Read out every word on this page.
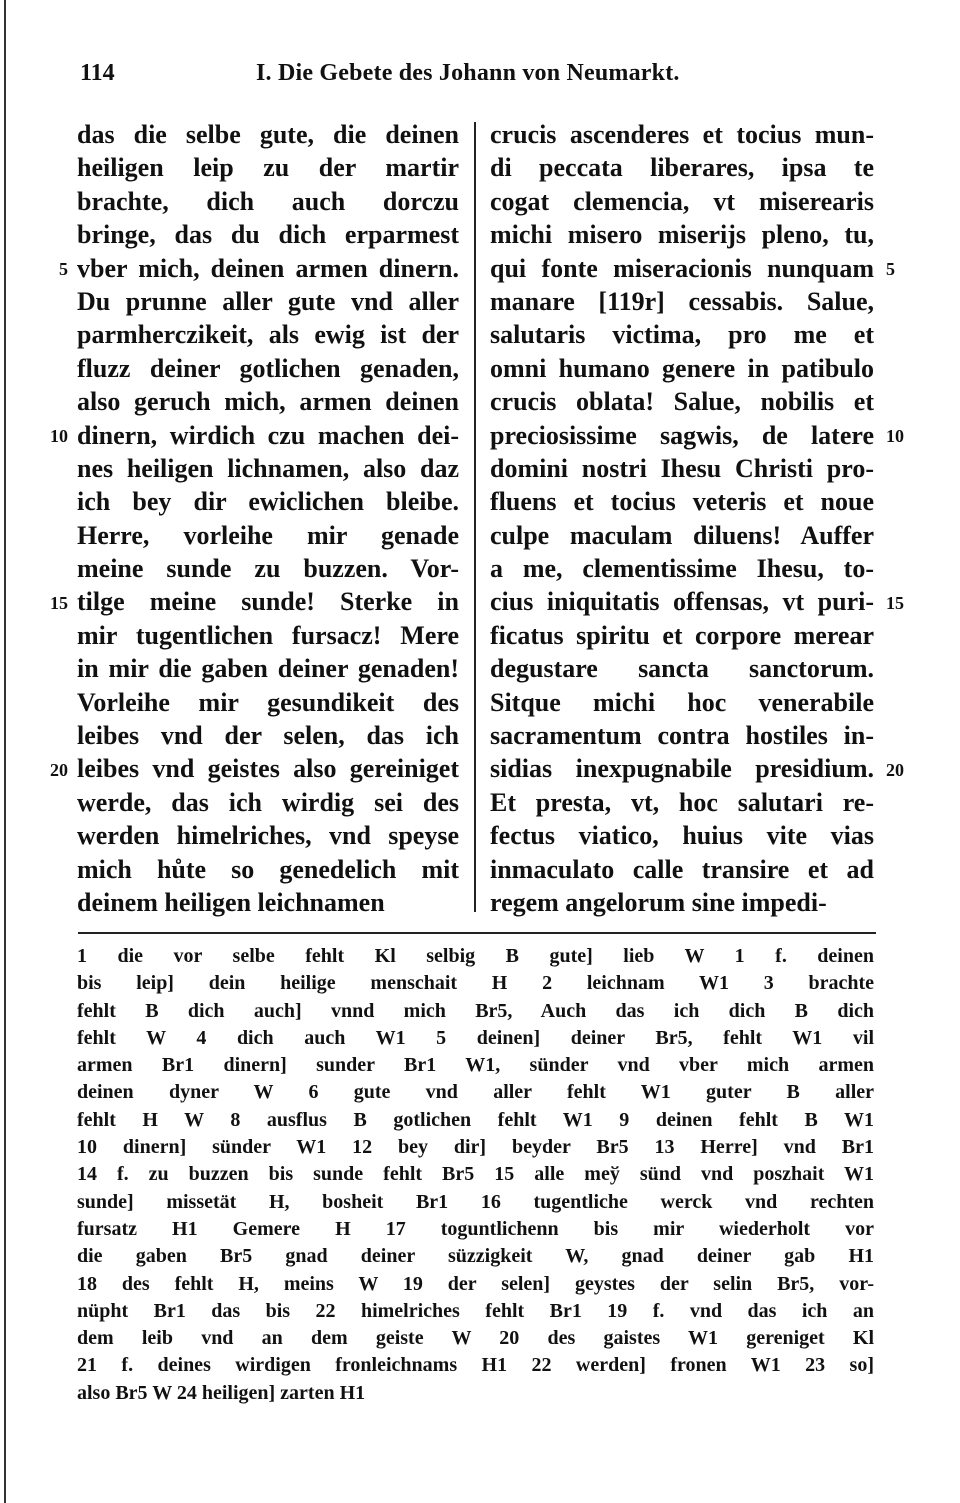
114	I. Die Gebete des Johann von Neumarkt.
das die selbe gute, die deinen
heiligen leip zu der martir
brachte, dich auch dorczu
bringe, das du dich erparmest
vber mich, deinen armen dinern.
Du prunne aller gute vnd aller
parmherczikeit, als ewig ist der
fluzz deiner gotlichen genaden,
also geruch mich, armen deinen
dinern, wirdich czu machen dei-
nes heiligen lichnamen, also daz
ich bey dir ewiclichen bleibe.
Herre, vorleihe mir genade
meine sunde zu buzzen. Vor-
tilge meine sunde! Sterke in
mir tugentlichen fursacz! Mere
in mir die gaben deiner genaden!
Vorleihe mir gesundikeit des
leibes vnd der selen, das ich
leibes vnd geistes also gereiniget
werde, das ich wirdig sei des
werden himelriches, vnd speyse
mich hůte so genedelich mit
deinem heiligen leichnamen
crucis ascenderes et tocius mun-
di peccata liberares, ipsa te
cogat clemencia, vt miserearis
michi misero miserijs pleno, tu,
qui fonte miseracionis nunquam
manare [119r] cessabis. Salue,
salutaris victima, pro me et
omni humano genere in patibulo
crucis oblata! Salue, nobilis et
preciosissime sagwis, de latere
domini nostri Ihesu Christi pro-
fluens et tocius veteris et noue
culpe maculam diluens! Auffer
a me, clementissime Ihesu, to-
cius iniquitatis offensas, vt puri-
ficatus spiritu et corpore merear
degustare sancta sanctorum.
Sitque michi hoc venerabile
sacramentum contra hostiles in-
sidias inexpugnabile presidium.
Et presta, vt, hoc salutari re-
fectus viatico, huius vite vias
inmaculato calle transire et ad
regem angelorum sine impedi-
5	5
10	10
15	15
20	20
1 die vor selbe fehlt Kl selbig B gute] lieb W 1 f. deinen
bis leip] dein heilige menschait H 2 leichnam W1 3 brachte
fehlt B dich auch] vnnd mich Br5, Auch das ich dich B dich
fehlt W 4 dich auch W1 5 deinen] deiner Br5, fehlt W1 vil
armen Br1 dinern] sunder Br1 W1, sünder vnd vber mich armen
deinen dyner W 6 gute vnd aller fehlt W1 guter B aller
fehlt H W 8 ausflus B gotlichen fehlt W1 9 deinen fehlt B W1
10 dinern] sünder W1 12 bey dir] beyder Br5 13 Herre] vnd Br1
14 f. zu buzzen bis sunde fehlt Br5 15 alle meў sünd vnd poszhait W1
sunde] missetät H, bosheit Br1 16 tugentliche werck vnd rechten
fursatz H1 Gemere H 17 toguntlichenn bis mir wiederholt vor
die gaben Br5 gnad deiner süzzigkeit W, gnad deiner gab H1
18 des fehlt H, meins W 19 der selen] geystes der selin Br5, vor-
nüpht Br1 das bis 22 himelriches fehlt Br1 19 f. vnd das ich an
dem leib vnd an dem geiste W 20 des gaistes W1 gereniget Kl
21 f. deines wirdigen fronleichnams H1 22 werden] fronen W1 23 so]
also Br5 W 24 heiligen] zarten H1
